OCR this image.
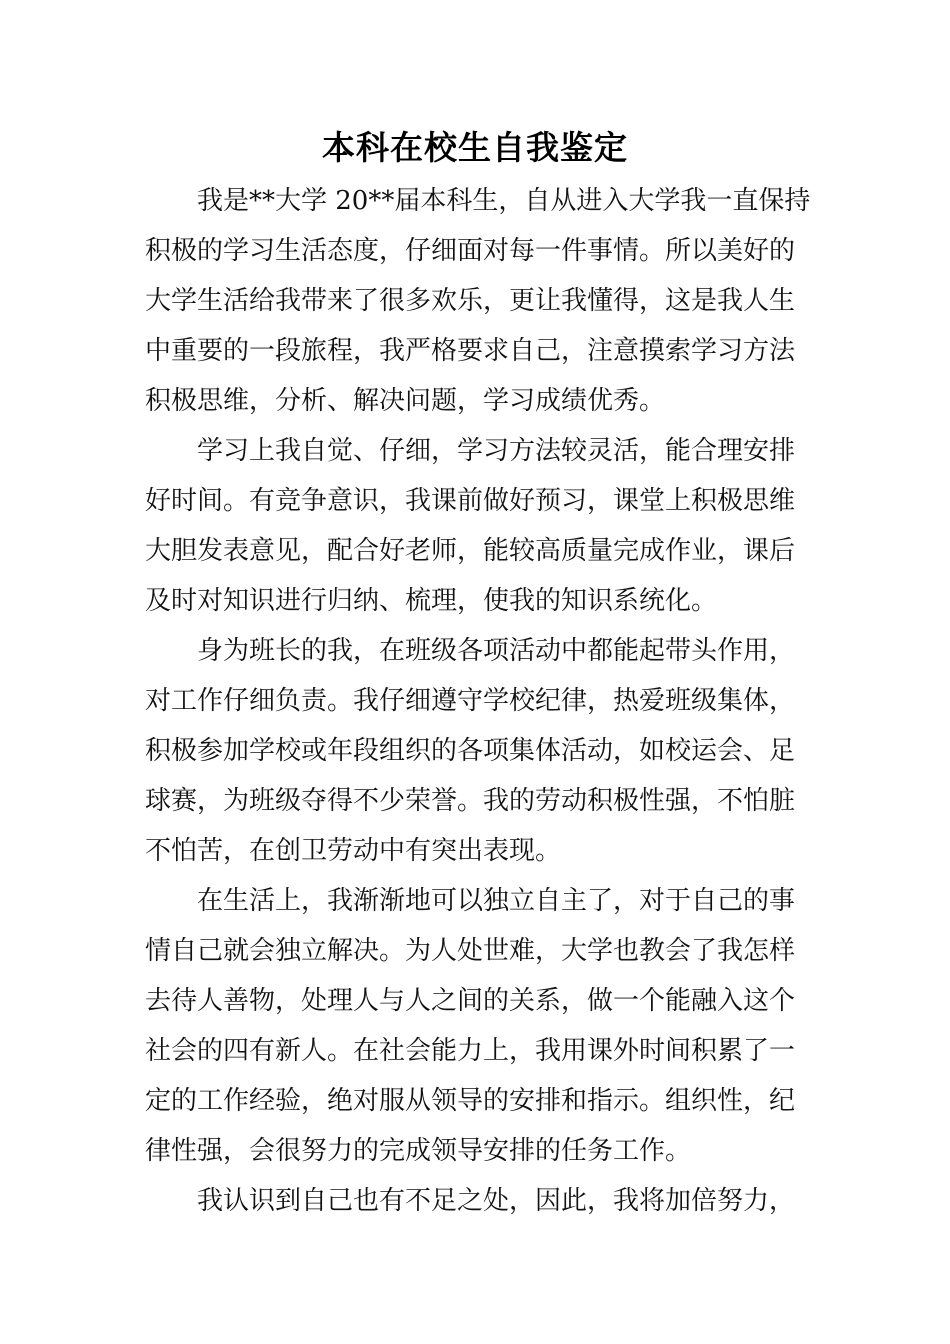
本科在校生自我鉴定

我是**大学 20**届本科生，自从进入大学我一直保持
积极的学习生活态度，仔细面对每一件事情。所以美好的
大学生活给我带来了很多欢乐，更让我懂得，这是我人生
中重要的一段旅程，我严格要求自己，注意摸索学习方法
积极思维，分析、解决问题，学习成绩优秀。

学习上我自觉、仔细，学习方法较灵活，能合理安排
好时间。有竞争意识，我课前做好预习，课堂上积极思维
大胆发表意见，配合好老师，能较高质量完成作业，课后
及时对知识进行归纳、梳理，使我的知识系统化。

身为班长的我，在班级各项活动中都能起带头作用，
对工作仔细负责。我仔细遵守学校纪律，热爱班级集体，
积极参加学校或年段组织的各项集体活动，如校运会、足
球赛，为班级夺得不少荣誉。我的劳动积极性强，不怕脏
不怕苦，在创卫劳动中有突出表现。

在生活上，我渐渐地可以独立自主了，对于自己的事
情自己就会独立解决。为人处世难，大学也教会了我怎样
去待人善物，处理人与人之间的关系，做一个能融入这个
社会的四有新人。在社会能力上，我用课外时间积累了一
定的工作经验，绝对服从领导的安排和指示。组织性，纪
律性强，会很努力的完成领导安排的任务工作。

我认识到自己也有不足之处，因此，我将加倍努力，
